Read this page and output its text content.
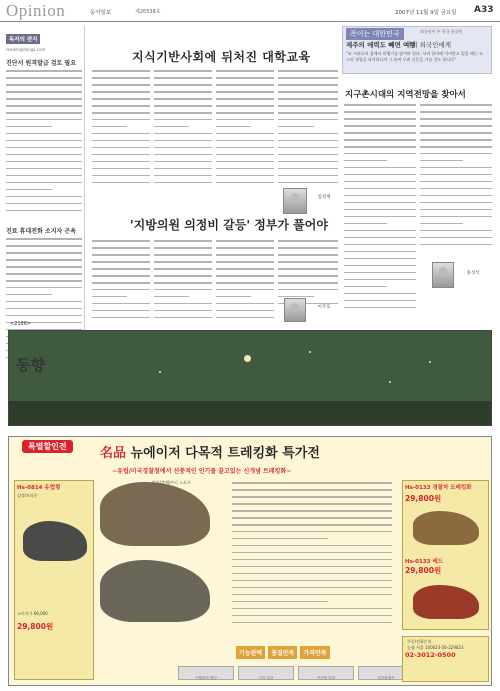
Opinion	동아일보	제26538호	2007년 11월 9일 금요일 A33
독자의 편지
reader@donga.com
진단서 원격발급 검토 필요
진료 휴대전화 소지자 곤욕
지식기반사회에 뒤처진 대학교육
임찬제
'지방의원 의정비 갈등' 정부가 풀어야
이주호
폭이는 대한민국	외국인이 본 한국 한국인
제주의 매력도 빼면 여행
여려 외국인에게
"조 서귀포의 집에서 비행기를 탔어야 한다. 서귀 한라에 이어받고 있을 때는 코스의 정월을 낙서하니까 그 유여 무려 신문을 기를 것도 합니다"
지구촌시대의 지역전망을 찾아서
홍성석
<2186>
동향
황 중 현
특별할인전	名品 뉴에이저 다목적 트레킹화 특가전
~유럽/미국경찰청에서 선풍적인 인기를 끌고있는 신개념 트레킹화~
Hs-0814 유럽형
검정/브라운
소비자가 69,000
29,800원
알마/블랙/카키 스포츠
Hs-0133 경찰차 트레킹화
29,800원
Hs-0133 레드
29,800원
기능완벽	품질만족	가격만족
이탈리아 밴딩	가죽 마감	쿠션형 밑창	미끄럼방지
주문/전화문의
농협 서울 100023-56-229623
02-3012-0500
